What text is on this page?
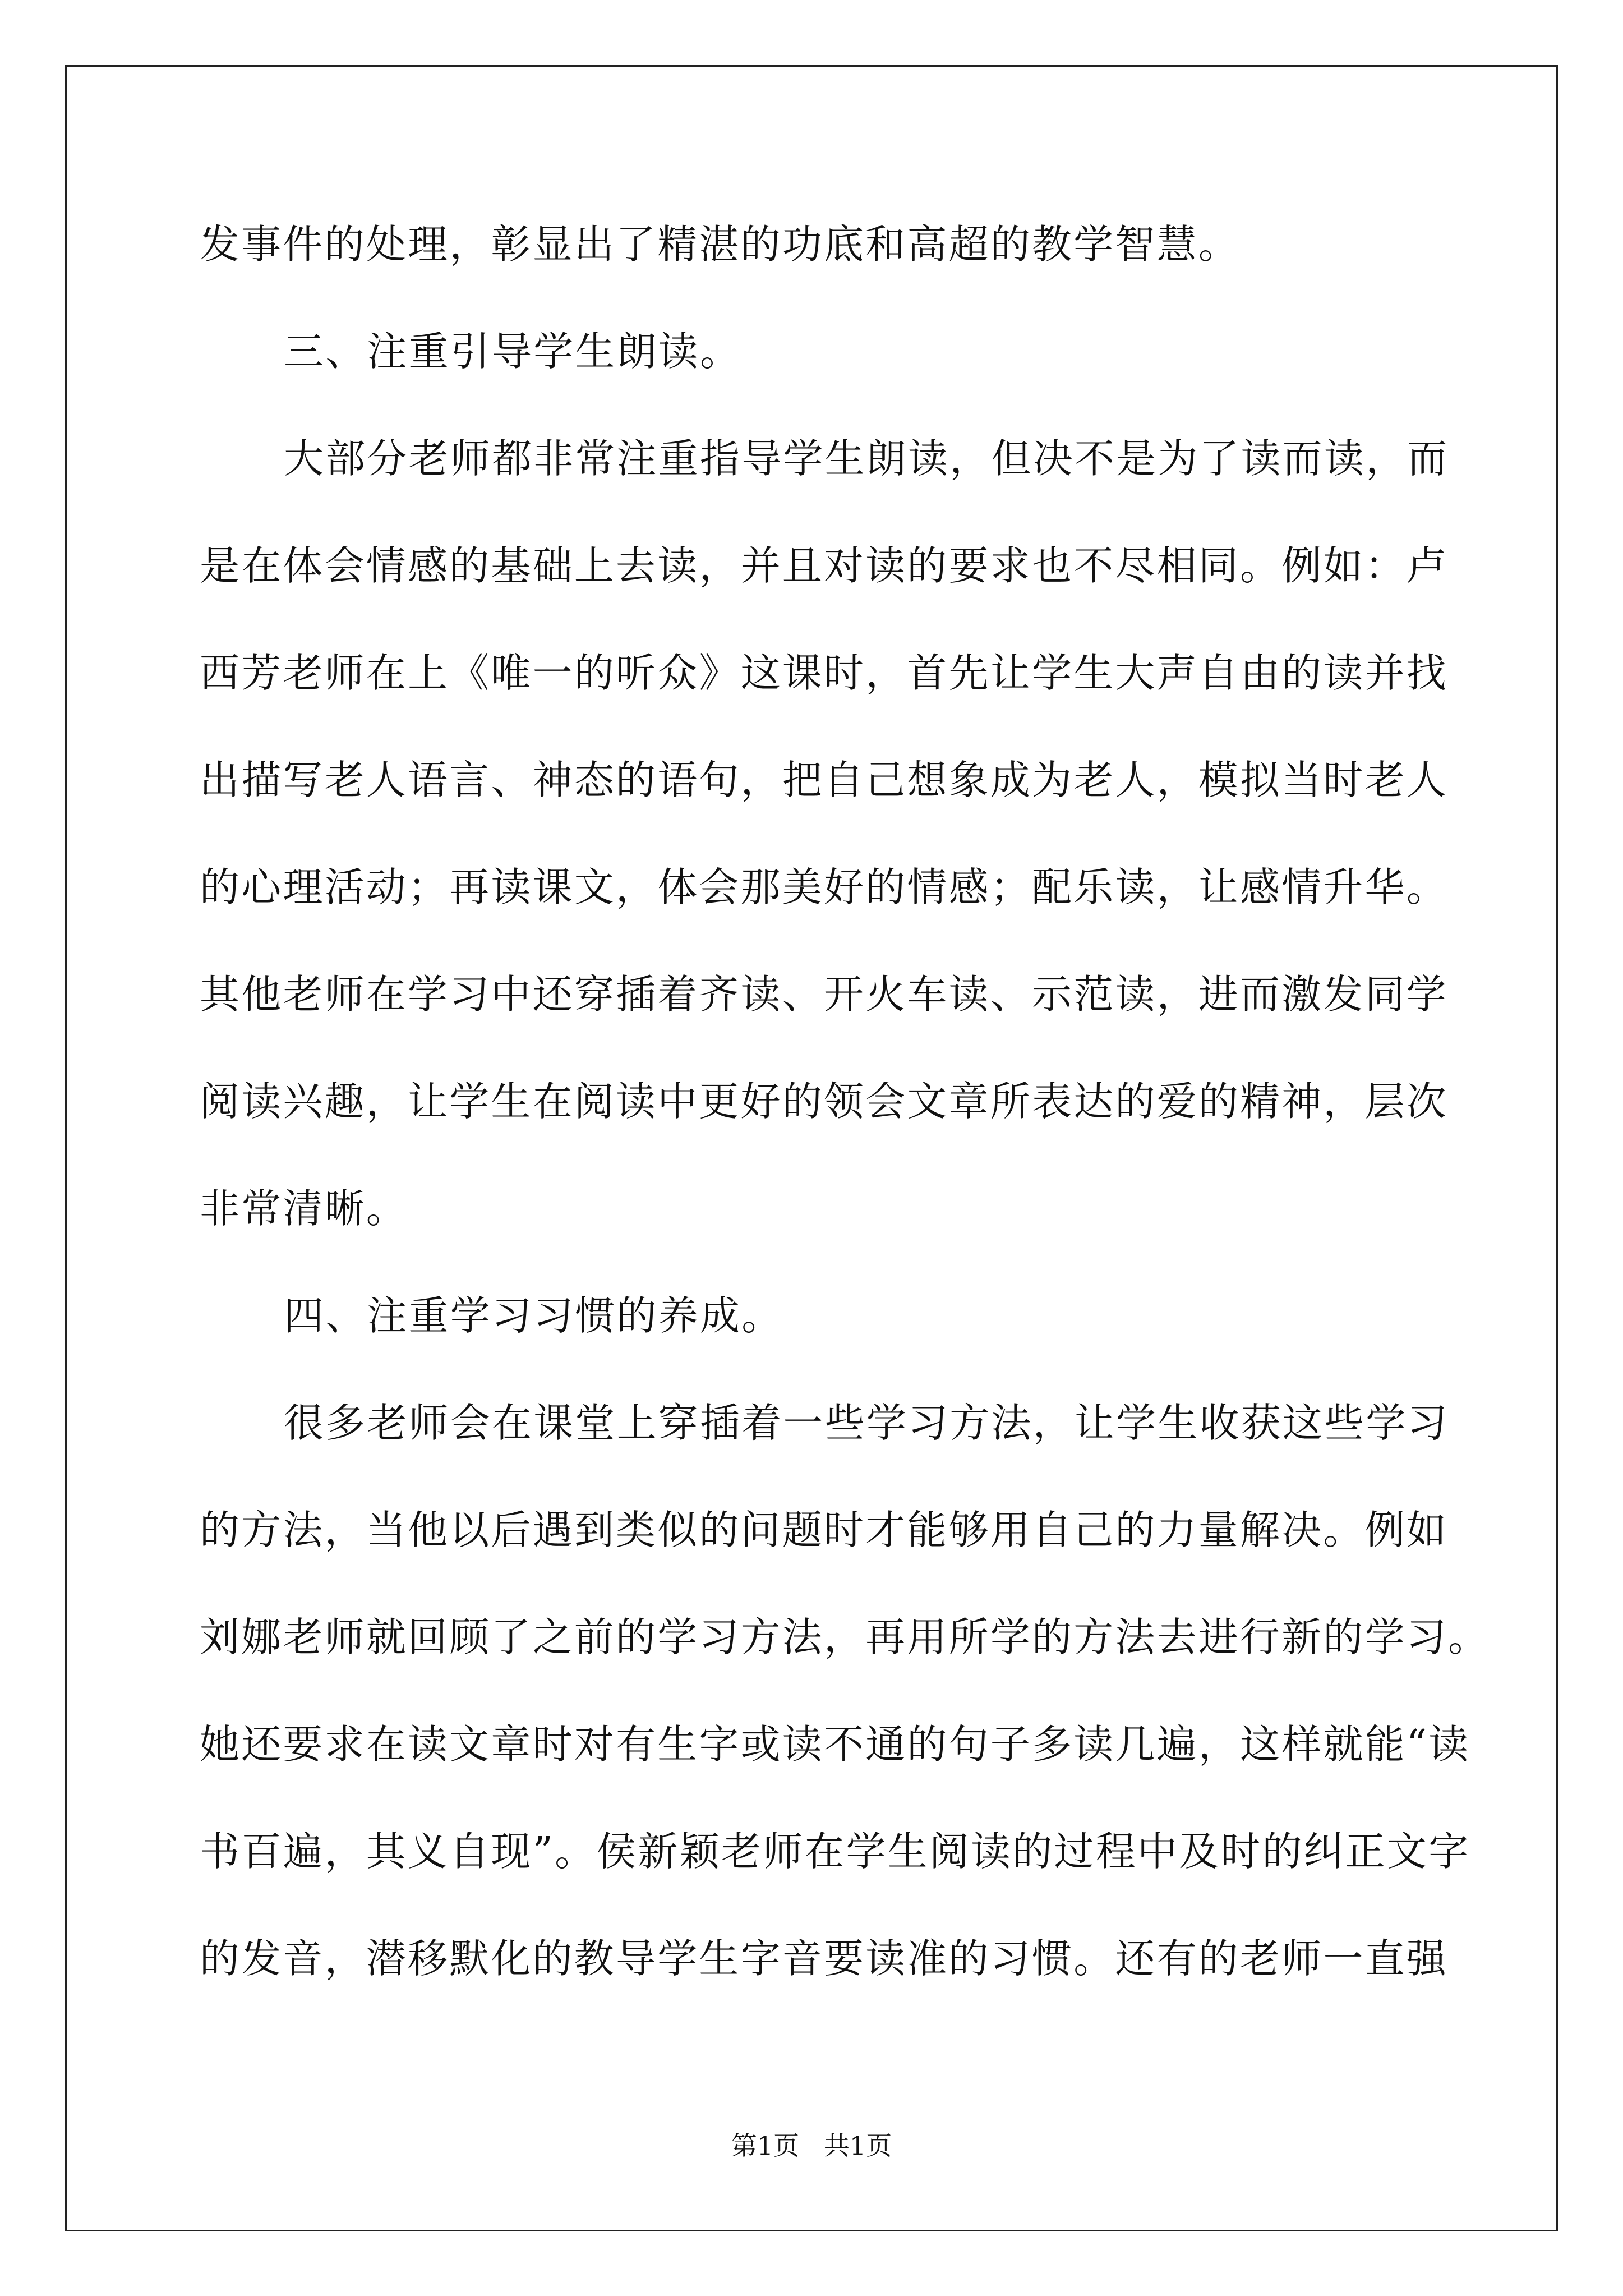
发事件的处理，彰显出了精湛的功底和高超的教学智慧。
三、注重引导学生朗读。
大部分老师都非常注重指导学生朗读，但决不是为了读而读，而
是在体会情感的基础上去读，并且对读的要求也不尽相同。例如：卢
西芳老师在上《唯一的听众》这课时，首先让学生大声自由的读并找
出描写老人语言、神态的语句，把自己想象成为老人，模拟当时老人
的心理活动；再读课文，体会那美好的情感；配乐读，让感情升华。
其他老师在学习中还穿插着齐读、开火车读、示范读，进而激发同学
阅读兴趣，让学生在阅读中更好的领会文章所表达的爱的精神，层次
非常清晰。
四、注重学习习惯的养成。
很多老师会在课堂上穿插着一些学习方法，让学生收获这些学习
的方法，当他以后遇到类似的问题时才能够用自己的力量解决。例如
刘娜老师就回顾了之前的学习方法，再用所学的方法去进行新的学习。
她还要求在读文章时对有生字或读不通的句子多读几遍，这样就能“读
书百遍，其义自现”。侯新颖老师在学生阅读的过程中及时的纠正文字
的发音，潜移默化的教导学生字音要读准的习惯。还有的老师一直强
第1页   共1页
